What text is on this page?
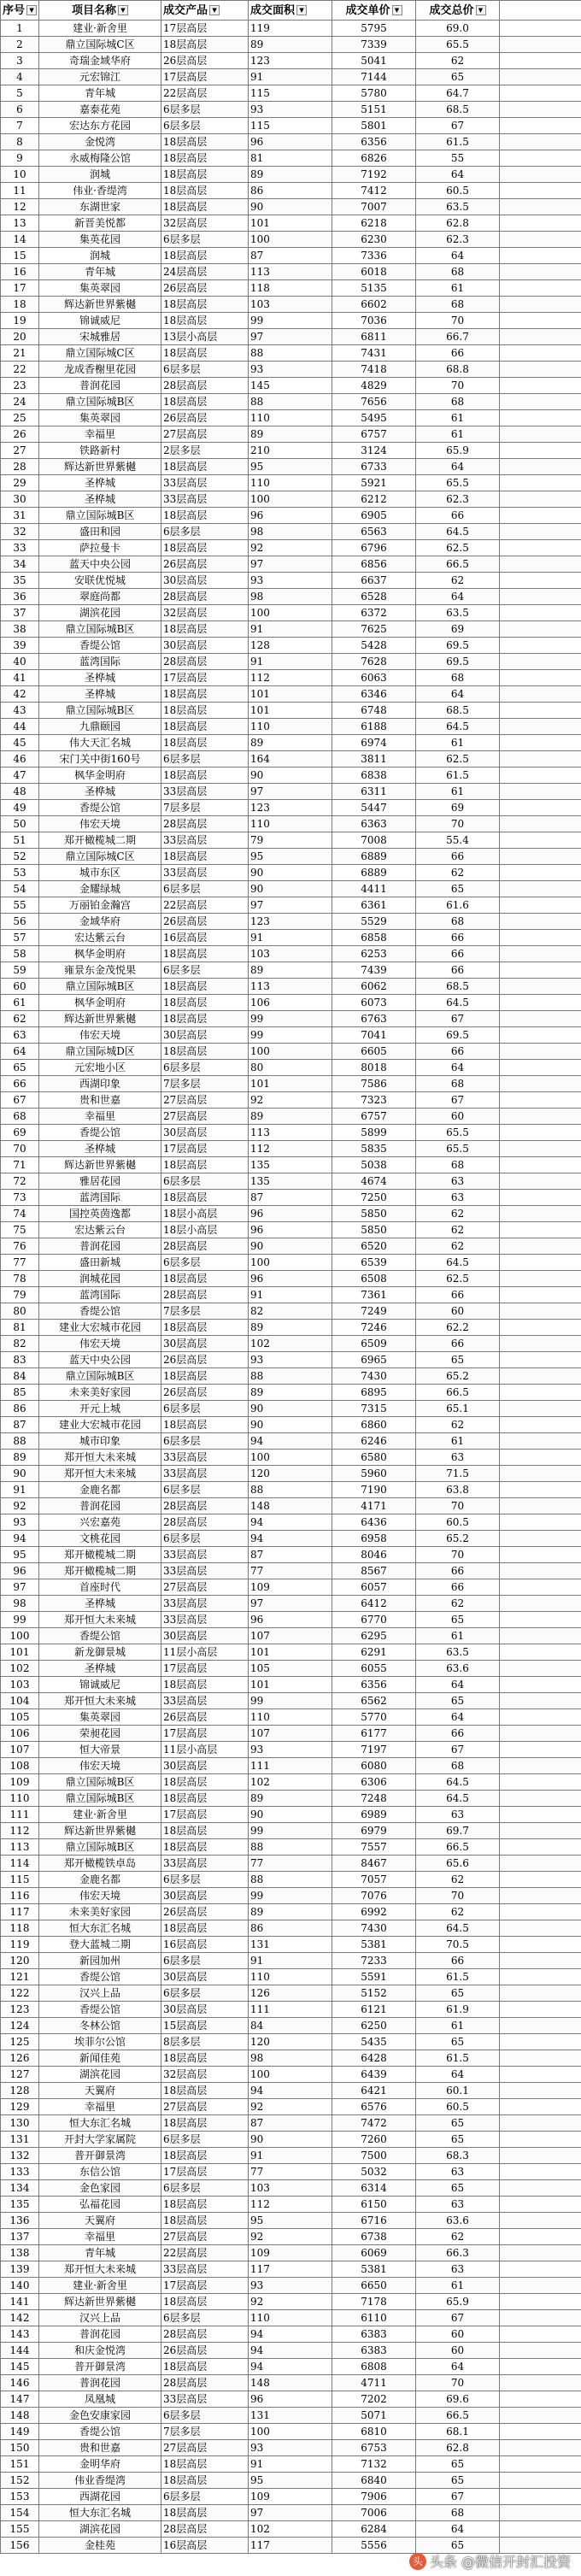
序号 ▼	项目名称 ▼	成交产品 ▼	成交面积 ▼	成交单价 ▼	成交总价 ▼	
1	建业·新舍里	17层高层	119	5795	69.0	
2	鼎立国际城C区	18层高层	89	7339	65.5	
3	奇瑞金域华府	26层高层	123	5041	62	
4	元宏锦江	17层高层	91	7144	65	
5	青年城	22层高层	115	5780	64.7	
6	嘉泰花苑	6层多层	93	5151	68.5	
7	宏达东方花园	6层多层	115	5801	67	
8	金悦湾	18层高层	96	6356	61.5	
9	永威梅隆公馆	18层高层	81	6826	55	
10	润城	18层高层	89	7192	64	
11	伟业·香缇湾	18层高层	86	7412	60.5	
12	东湖世家	18层高层	90	7007	63.5	
13	新晋美悦都	32层高层	101	6218	62.8	
14	集英花园	6层多层	100	6230	62.3	
15	润城	18层高层	87	7336	64	
16	青年城	24层高层	113	6018	68	
17	集英翠园	26层高层	118	5135	61	
18	辉达新世界紫樾	18层高层	103	6602	68	
19	锦诚威尼	18层高层	99	7036	70	
20	宋城雅居	13层小高层	97	6811	66.7	
21	鼎立国际城C区	18层高层	88	7431	66	
22	龙成香榭里花园	6层多层	93	7418	68.8	
23	普润花园	28层高层	145	4829	70	
24	鼎立国际城B区	18层高层	88	7656	68	
25	集英翠园	26层高层	110	5495	61	
26	幸福里	27层高层	89	6757	61	
27	铁路新村	2层多层	210	3124	65.9	
28	辉达新世界紫樾	18层高层	95	6733	64	
29	圣桦城	33层高层	110	5921	65.5	
30	圣桦城	33层高层	100	6212	62.3	
31	鼎立国际城B区	18层高层	96	6905	66	
32	盛田和园	6层多层	98	6563	64.5	
33	萨拉曼卡	18层高层	92	6796	62.5	
34	蓝天中央公园	26层高层	97	6856	66.5	
35	安联优悦城	30层高层	93	6637	62	
36	翠庭尚都	28层高层	98	6528	64	
37	湖滨花园	32层高层	100	6372	63.5	
38	鼎立国际城B区	18层高层	91	7625	69	
39	香缇公馆	30层高层	128	5428	69.5	
40	蓝湾国际	28层高层	91	7628	69.5	
41	圣桦城	17层高层	112	6063	68	
42	圣桦城	18层高层	101	6346	64	
43	鼎立国际城B区	18层高层	101	6748	68.5	
44	九鼎颐园	18层高层	110	6188	64.5	
45	伟大天汇名城	18层高层	89	6974	61	
46	宋门关中街160号	6层多层	164	3811	62.5	
47	枫华金明府	18层高层	90	6838	61.5	
48	圣桦城	33层高层	97	6311	61	
49	香缇公馆	7层多层	123	5447	69	
50	伟宏天境	28层高层	110	6363	70	
51	郑开橄榄城二期	33层高层	79	7008	55.4	
52	鼎立国际城C区	18层高层	95	6889	66	
53	城市东区	33层高层	90	6889	62	
54	金耀绿城	6层多层	90	4411	65	
55	万丽铂金瀚宫	22层高层	97	6361	61.6	
56	金域华府	26层高层	123	5529	68	
57	宏达紫云台	16层高层	91	6858	66	
58	枫华金明府	18层高层	103	6253	66	
59	雍景东金茂悦果	6层多层	89	7439	66	
60	鼎立国际城B区	18层高层	113	6062	68.5	
61	枫华金明府	18层高层	106	6073	64.5	
62	辉达新世界紫樾	18层高层	99	6763	67	
63	伟宏天境	30层高层	99	7041	69.5	
64	鼎立国际城D区	18层高层	100	6605	66	
65	元宏地小区	6层多层	80	8018	64	
66	西湖印象	7层多层	101	7586	68	
67	贵和世嘉	27层高层	92	7323	67	
68	幸福里	27层高层	89	6757	60	
69	香缇公馆	30层高层	113	5899	65.5	
70	圣桦城	17层高层	112	5835	65.5	
71	辉达新世界紫樾	18层高层	135	5038	68	
72	雅居花园	6层多层	135	4674	63	
73	蓝湾国际	18层高层	87	7250	63	
74	国控英茵逸都	18层小高层	96	5850	62	
75	宏达紫云台	18层小高层	96	5850	62	
76	普润花园	28层高层	90	6520	62	
77	盛田新城	6层多层	100	6539	64.5	
78	润城花园	18层高层	96	6508	62.5	
79	蓝湾国际	28层高层	91	7361	66	
80	香缇公馆	7层多层	82	7249	60	
81	建业大宏城市花园	18层高层	89	7246	62.2	
82	伟宏天境	30层高层	102	6509	66	
83	蓝天中央公园	26层高层	93	6965	65	
84	鼎立国际城B区	18层高层	88	7430	65.2	
85	未来美好家园	26层高层	89	6895	66.5	
86	开元上城	6层多层	90	7315	65.1	
87	建业大宏城市花园	18层高层	90	6860	62	
88	城市印象	6层多层	94	6246	61	
89	郑开恒大未来城	33层高层	100	6580	63	
90	郑开恒大未来城	33层高层	120	5960	71.5	
91	金鹿名都	6层多层	88	7190	63.8	
92	普润花园	28层高层	148	4171	70	
93	兴宏嘉苑	28层高层	94	6436	60.5	
94	文桃花园	6层多层	94	6958	65.2	
95	郑开橄榄城二期	33层高层	87	8046	70	
96	郑开橄榄城二期	33层高层	77	8567	66	
97	首座时代	27层高层	109	6057	66	
98	圣桦城	33层高层	97	6412	62	
99	郑开恒大未来城	33层高层	96	6770	65	
100	香缇公馆	30层高层	107	6295	61	
101	新龙御景城	11层小高层	101	6291	63.5	
102	圣桦城	17层高层	105	6055	63.6	
103	锦诚威尼	18层高层	101	6356	64	
104	郑开恒大未来城	33层高层	99	6562	65	
105	集英翠园	26层高层	110	5770	64	
106	荣昶花园	17层高层	107	6177	66	
107	恒大帝景	11层小高层	93	7197	67	
108	伟宏天境	30层高层	111	6080	68	
109	鼎立国际城B区	18层高层	102	6306	64.5	
110	鼎立国际城B区	18层高层	89	7248	64.5	
111	建业·新舍里	17层高层	90	6989	63	
112	辉达新世界紫樾	18层高层	99	6979	69.7	
113	鼎立国际城B区	18层高层	88	7557	66.5	
114	郑开橄榄铁卓岛	33层高层	77	8467	65.6	
115	金鹿名都	6层多层	88	7057	62	
116	伟宏天境	30层高层	99	7076	70	
117	未来美好家园	26层高层	89	6992	62	
118	恒大东汇名城	18层高层	86	7430	64.5	
119	登大蓝城二期	16层高层	131	5381	70.5	
120	新园加州	6层多层	91	7233	66	
121	香缇公馆	30层高层	110	5591	61.5	
122	汉兴上品	6层多层	126	5152	65	
123	香缇公馆	30层高层	111	6121	61.9	
124	冬林公馆	15层高层	84	6250	61	
125	埃菲尔公馆	8层多层	120	5435	65	
126	新闻佳苑	18层高层	98	6428	61.5	
127	湖滨花园	32层高层	100	6439	64	
128	天翼府	18层高层	94	6421	60.1	
129	幸福里	27层高层	92	6576	60.5	
130	恒大东汇名城	18层高层	87	7472	65	
131	开封大学家属院	6层多层	90	7260	65	
132	普开御景湾	18层高层	91	7500	68.3	
133	东信公馆	17层高层	77	5032	63	
134	金色家园	6层多层	103	6314	65	
135	弘福花园	18层高层	112	6150	63	
136	天翼府	18层高层	95	6716	63.6	
137	幸福里	27层高层	92	6738	62	
138	青年城	22层高层	109	6069	66.3	
139	郑开恒大未来城	33层高层	117	5381	63	
140	建业·新舍里	17层高层	93	6650	61	
141	辉达新世界紫樾	18层高层	92	7178	65.9	
142	汉兴上品	6层多层	110	6110	67	
143	普润花园	28层高层	94	6383	60	
144	和庆金悦湾	26层高层	94	6383	60	
145	普开御景湾	18层高层	94	6808	64	
146	普润花园	28层高层	148	4711	70	
147	凤凰城	33层高层	96	7202	69.6	
148	金色安康家园	6层多层	131	5071	66.5	
149	香缇公馆	7层多层	100	6810	68.1	
150	贵和世嘉	27层高层	93	6753	62.8	
151	金明华府	18层高层	91	7132	65	
152	伟业香缇湾	18层高层	95	6840	65	
153	西湖花园	6层多层	109	7906	67	
154	恒大东汇名城	18层高层	97	7006	68	
155	湖滨花园	28层高层	102	6284	64	
156	金桂苑	16层高层	117	5556	65	
头 头条 @微信开封汇投资
